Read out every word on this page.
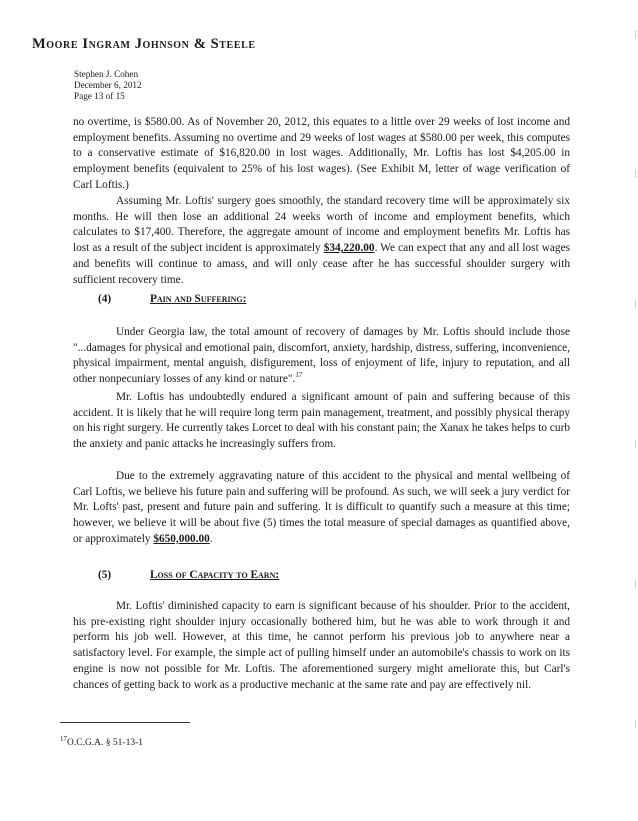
Moore Ingram Johnson & Steele
Stephen J. Cohen
December 6, 2012
Page 13 of 15
no overtime, is $580.00. As of November 20, 2012, this equates to a little over 29 weeks of lost income and employment benefits. Assuming no overtime and 29 weeks of lost wages at $580.00 per week, this computes to a conservative estimate of $16,820.00 in lost wages. Additionally, Mr. Loftis has lost $4,205.00 in employment benefits (equivalent to 25% of his lost wages). (See Exhibit M, letter of wage verification of Carl Loftis.)
Assuming Mr. Loftis' surgery goes smoothly, the standard recovery time will be approximately six months. He will then lose an additional 24 weeks worth of income and employment benefits, which calculates to $17,400. Therefore, the aggregate amount of income and employment benefits Mr. Loftis has lost as a result of the subject incident is approximately $34,220.00. We can expect that any and all lost wages and benefits will continue to amass, and will only cease after he has successful shoulder surgery with sufficient recovery time.
(4)	Pain and Suffering:
Under Georgia law, the total amount of recovery of damages by Mr. Loftis should include those "...damages for physical and emotional pain, discomfort, anxiety, hardship, distress, suffering, inconvenience, physical impairment, mental anguish, disfigurement, loss of enjoyment of life, injury to reputation, and all other nonpecuniary losses of any kind or nature".$^{17}$
Mr. Loftis has undoubtedly endured a significant amount of pain and suffering because of this accident. It is likely that he will require long term pain management, treatment, and possibly physical therapy on his right surgery. He currently takes Lorcet to deal with his constant pain; the Xanax he takes helps to curb the anxiety and panic attacks he increasingly suffers from.
Due to the extremely aggravating nature of this accident to the physical and mental wellbeing of Carl Loftis, we believe his future pain and suffering will be profound. As such, we will seek a jury verdict for Mr. Lofts' past, present and future pain and suffering. It is difficult to quantify such a measure at this time; however, we believe it will be about five (5) times the total measure of special damages as quantified above, or approximately $650,000.00.
(5)	Loss of Capacity to Earn:
Mr. Loftis' diminished capacity to earn is significant because of his shoulder. Prior to the accident, his pre-existing right shoulder injury occasionally bothered him, but he was able to work through it and perform his job well. However, at this time, he cannot perform his previous job to anywhere near a satisfactory level. For example, the simple act of pulling himself under an automobile's chassis to work on its engine is now not possible for Mr. Loftis. The aforementioned surgery might ameliorate this, but Carl's chances of getting back to work as a productive mechanic at the same rate and pay are effectively nil.
$^{17}$O.C.G.A. § 51-13-1
